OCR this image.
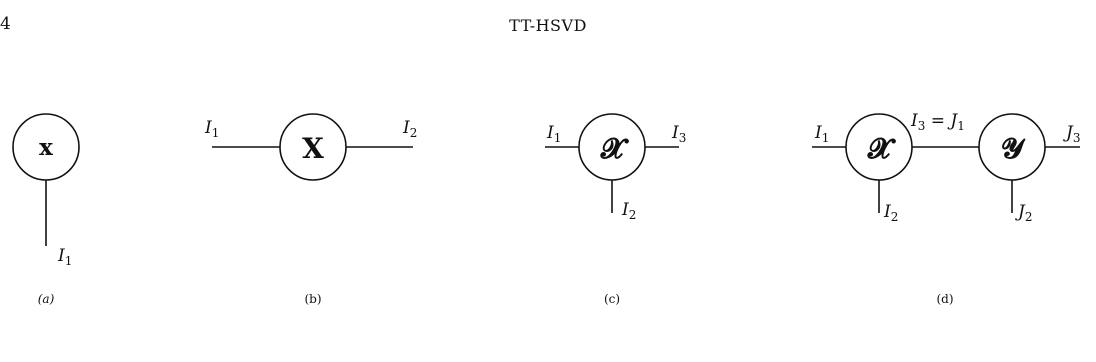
4	TT-HSVD
x	X	𝓧	𝓧	𝓨
$I_1$
$I_1$	$I_2$	$I_1$	$I_3$
$I_2$
$I_1$	$J_3$
$I_2$	$J_2$
$I_3 = J_1$
(a)	(b)	(c)	(d)
